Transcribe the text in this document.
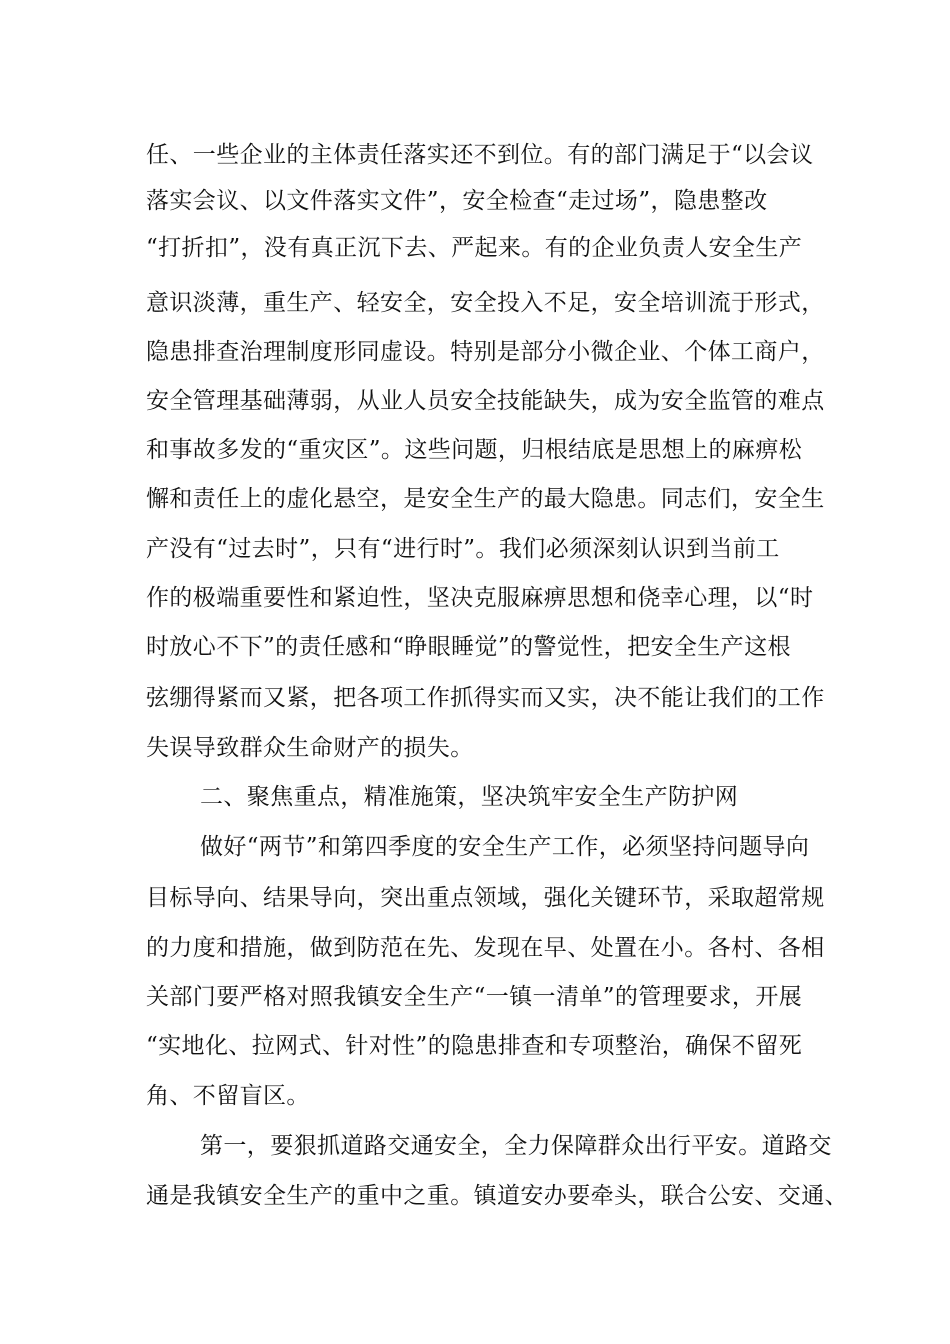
任、一些企业的主体责任落实还不到位。有的部门满足于“以会议
落实会议、以文件落实文件”，安全检查“走过场”，隐患整改
“打折扣”，没有真正沉下去、严起来。有的企业负责人安全生产
意识淡薄，重生产、轻安全，安全投入不足，安全培训流于形式，
隐患排查治理制度形同虚设。特别是部分小微企业、个体工商户，
安全管理基础薄弱，从业人员安全技能缺失，成为安全监管的难点
和事故多发的“重灾区”。这些问题，归根结底是思想上的麻痹松
懈和责任上的虚化悬空，是安全生产的最大隐患。同志们，安全生
产没有“过去时”，只有“进行时”。我们必须深刻认识到当前工
作的极端重要性和紧迫性，坚决克服麻痹思想和侥幸心理，以“时
时放心不下”的责任感和“睁眼睡觉”的警觉性，把安全生产这根
弦绷得紧而又紧，把各项工作抓得实而又实，决不能让我们的工作
失误导致群众生命财产的损失。
二、聚焦重点，精准施策，坚决筑牢安全生产防护网
做好“两节”和第四季度的安全生产工作，必须坚持问题导向
目标导向、结果导向，突出重点领域，强化关键环节，采取超常规
的力度和措施，做到防范在先、发现在早、处置在小。各村、各相
关部门要严格对照我镇安全生产“一镇一清单”的管理要求，开展
“实地化、拉网式、针对性”的隐患排查和专项整治，确保不留死
角、不留盲区。
第一，要狠抓道路交通安全，全力保障群众出行平安。道路交
通是我镇安全生产的重中之重。镇道安办要牵头，联合公安、交通、
